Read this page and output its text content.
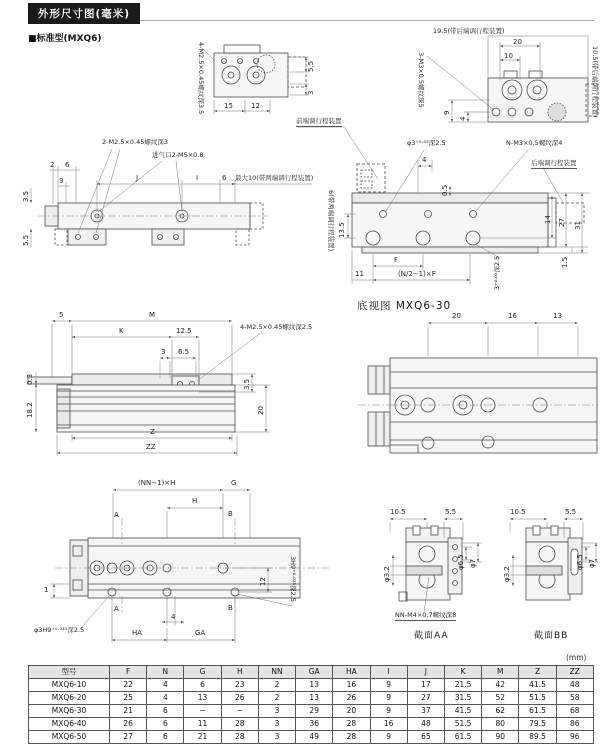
外形尺寸图(毫米)
■标准型(MXQ6)
底视图 MXQ6-30
(mm)
4-M2.5×0.45螺纹深3.5	15	12
5.5
3
19.5(带后端调行程装置)
20
10
3-M3×0.5螺纹深5
9
4
10.5(带后端调行程装置)
2-M2.5×0.45螺纹深3
进气口2-M5×0.8
2 6
3
3.5
5.5
J	I	6 最大10(带两端调行程装置)
前端调行程装置
6(带两端调行程装置) 13.5
φ3⁺⁰·⁰⁵深2.5
4
0.5
N-M3×0.5螺纹深4
后端调行程装置
14 27 31
1.5
3⁺⁰·⁰⁵深2.5
F
(N/2−1)×F
11
5	M
K	12.5
3 6.5
4-M2.5×0.45螺纹深2.5
0.3
18.2
3.5
20
Z
ZZ
20	16	13
(NN−1)×H	G
H
A	B
A	B
1
12	3H9⁺⁰·⁰²⁵深2.5
4
HA	GA
φ3H9⁺⁰·⁰²⁵深2.5
10.5	5.5
φ3.2
φ6.5 φ7
NN-M4×0.7螺纹深8
截面AA
10.5	5.5
φ3.2
φ6.5 φ7
截面BB
型号	F	N	G	H	NN	GA	HA	I	J	K	M	Z	ZZ
MXQ6-10	22	4	6	23	2	13	16	9	17	21.5	42	41.5	48
MXQ6-20	25	4	13	26	2	13	26	9	27	31.5	52	51.5	58
MXQ6-30	21	6	−	−	3	29	20	9	37	41.5	62	61.5	68
MXQ6-40	26	6	11	28	3	36	28	16	48	51.5	80	79.5	86
MXQ6-50	27	6	21	28	3	49	28	9	65	61.5	90	89.5	96
